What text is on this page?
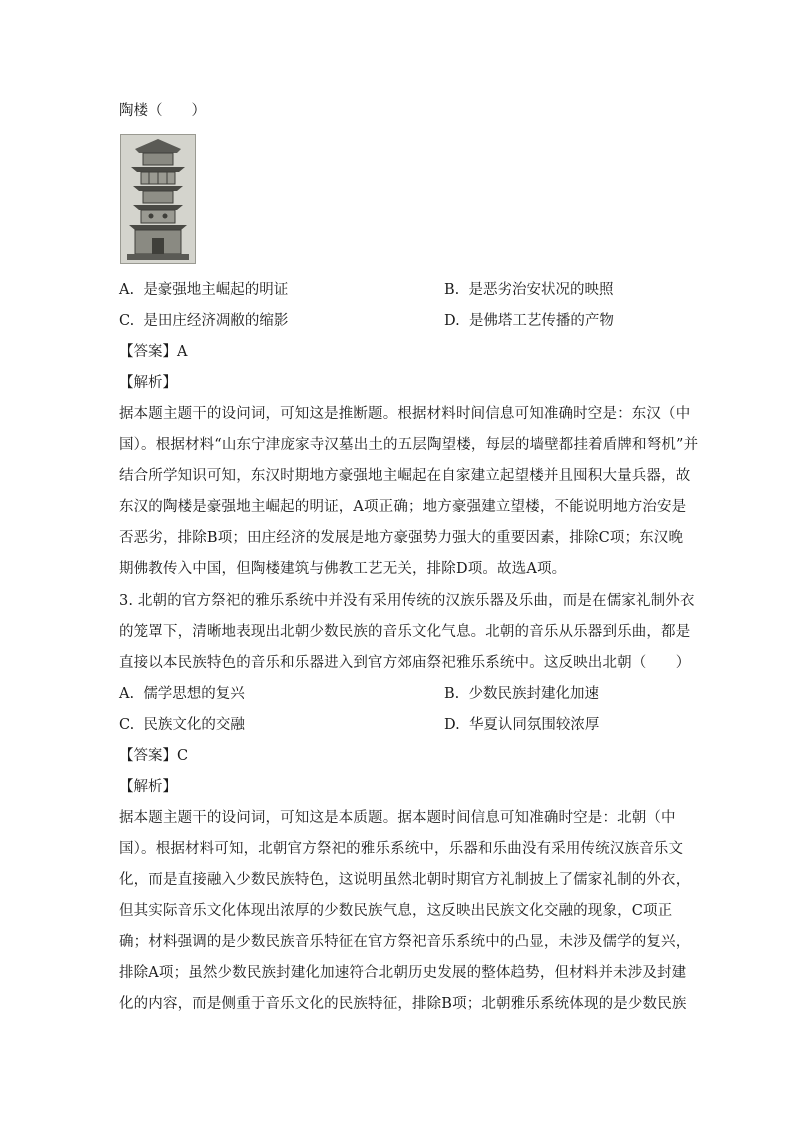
陶楼（　　）
A. 是豪强地主崛起的明证	B. 是恶劣治安状况的映照
C. 是田庄经济凋敝的缩影	D. 是佛塔工艺传播的产物
【答案】A
【解析】
据本题主题干的设问词，可知这是推断题。根据材料时间信息可知准确时空是：东汉（中
国）。根据材料“山东宁津庞家寺汉墓出土的五层陶望楼，每层的墙壁都挂着盾牌和弩机”并
结合所学知识可知，东汉时期地方豪强地主崛起在自家建立起望楼并且囤积大量兵器，故
东汉的陶楼是豪强地主崛起的明证，A项正确；地方豪强建立望楼，不能说明地方治安是
否恶劣，排除B项；田庄经济的发展是地方豪强势力强大的重要因素，排除C项；东汉晚
期佛教传入中国，但陶楼建筑与佛教工艺无关，排除D项。故选A项。
3. 北朝的官方祭祀的雅乐系统中并没有采用传统的汉族乐器及乐曲，而是在儒家礼制外衣
的笼罩下，清晰地表现出北朝少数民族的音乐文化气息。北朝的音乐从乐器到乐曲，都是
直接以本民族特色的音乐和乐器进入到官方郊庙祭祀雅乐系统中。这反映出北朝（　　）
A. 儒学思想的复兴	B. 少数民族封建化加速
C. 民族文化的交融	D. 华夏认同氛围较浓厚
【答案】C
【解析】
据本题主题干的设问词，可知这是本质题。据本题时间信息可知准确时空是：北朝（中
国）。根据材料可知，北朝官方祭祀的雅乐系统中，乐器和乐曲没有采用传统汉族音乐文
化，而是直接融入少数民族特色，这说明虽然北朝时期官方礼制披上了儒家礼制的外衣，
但其实际音乐文化体现出浓厚的少数民族气息，这反映出民族文化交融的现象，C项正
确；材料强调的是少数民族音乐特征在官方祭祀音乐系统中的凸显，未涉及儒学的复兴，
排除A项；虽然少数民族封建化加速符合北朝历史发展的整体趋势，但材料并未涉及封建
化的内容，而是侧重于音乐文化的民族特征，排除B项；北朝雅乐系统体现的是少数民族
